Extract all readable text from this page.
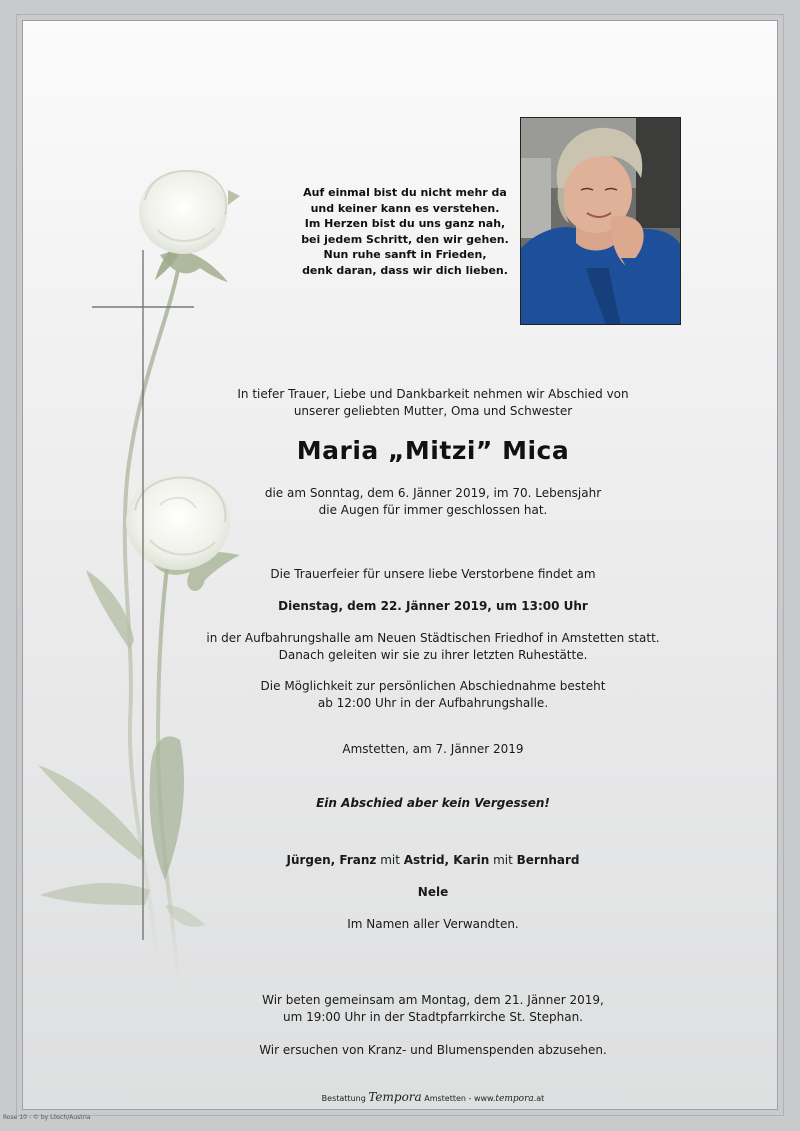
Auf einmal bist du nicht mehr da
und keiner kann es verstehen.
Im Herzen bist du uns ganz nah,
bei jedem Schritt, den wir gehen.
Nun ruhe sanft in Frieden,
denk daran, dass wir dich lieben.
In tiefer Trauer, Liebe und Dankbarkeit nehmen wir Abschied von
unserer geliebten Mutter, Oma und Schwester
Maria „Mitzi” Mica
die am Sonntag, dem 6. Jänner 2019, im 70. Lebensjahr
die Augen für immer geschlossen hat.
Die Trauerfeier für unsere liebe Verstorbene findet am
Dienstag, dem 22. Jänner 2019, um 13:00 Uhr
in der Aufbahrungshalle am Neuen Städtischen Friedhof in Amstetten statt.
Danach geleiten wir sie zu ihrer letzten Ruhestätte.
Die Möglichkeit zur persönlichen Abschiednahme besteht
ab 12:00 Uhr in der Aufbahrungshalle.
Amstetten, am 7. Jänner 2019
Ein Abschied aber kein Vergessen!
Jürgen, Franz mit Astrid, Karin mit Bernhard
Nele
Im Namen aller Verwandten.
Wir beten gemeinsam am Montag, dem 21. Jänner 2019,
um 19:00 Uhr in der Stadtpfarrkirche St. Stephan.
Wir ersuchen von Kranz- und Blumenspenden abzusehen.
Bestattung Tempora Amstetten - www.tempora.at
Rose 10 - © by Lösch/Austria
